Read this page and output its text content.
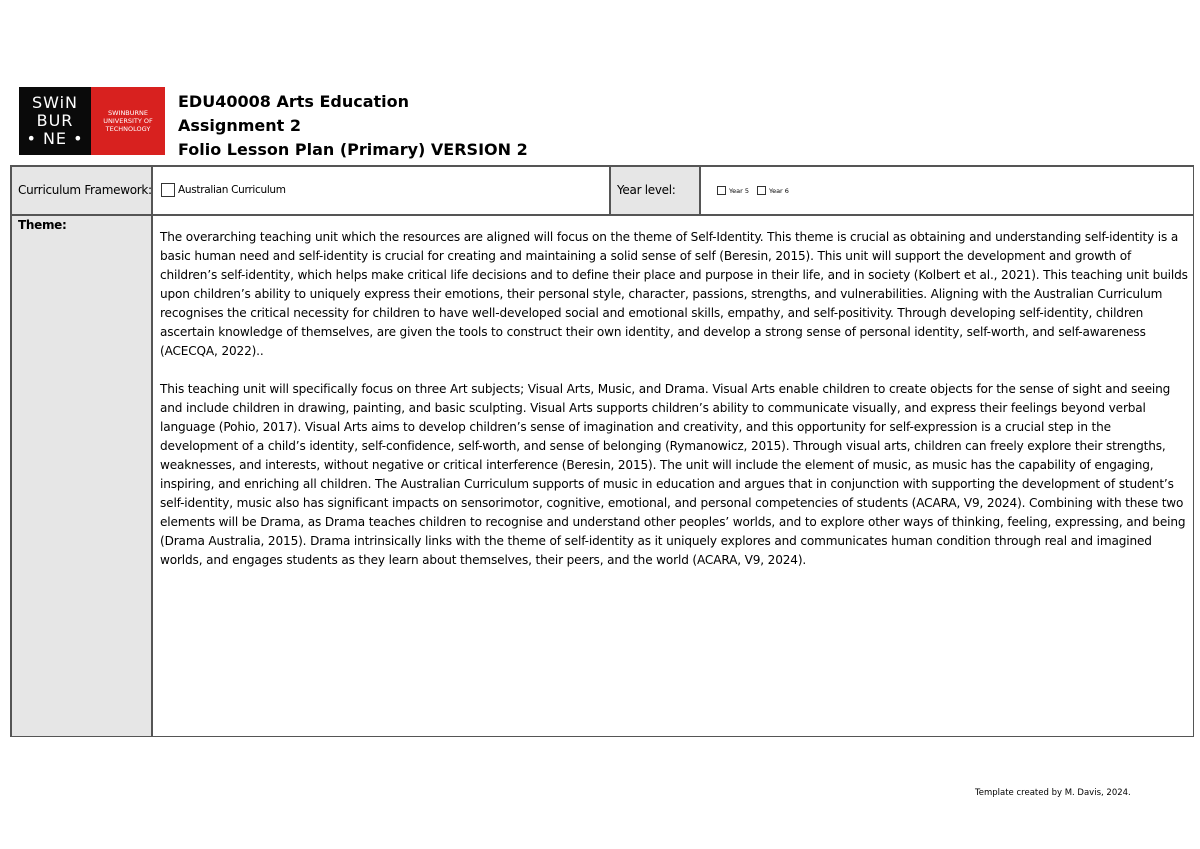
SWiN
BUR
• NE •
SWINBURNE
UNIVERSITY OF
TECHNOLOGY
EDU40008 Arts Education
Assignment 2
Folio Lesson Plan (Primary) VERSION 2
Curriculum Framework: Australian Curriculum	Year level:	Year 5	Year 6
Theme:

The overarching teaching unit which the resources are aligned will focus on the theme of Self-Identity. This theme is crucial as obtaining and understanding self-identity is a basic human need and self-identity is crucial for creating and maintaining a solid sense of self (Beresin, 2015). This unit will support the development and growth of children’s self-identity, which helps make critical life decisions and to define their place and purpose in their life, and in society (Kolbert et al., 2021). This teaching unit builds upon children’s ability to uniquely express their emotions, their personal style, character, passions, strengths, and vulnerabilities. Aligning with the Australian Curriculum recognises the critical necessity for children to have well-developed social and emotional skills, empathy, and self-positivity. Through developing self-identity, children ascertain knowledge of themselves, are given the tools to construct their own identity, and develop a strong sense of personal identity, self-worth, and self-awareness (ACECQA, 2022)..

This teaching unit will specifically focus on three Art subjects; Visual Arts, Music, and Drama. Visual Arts enable children to create objects for the sense of sight and seeing and include children in drawing, painting, and basic sculpting. Visual Arts supports children’s ability to communicate visually, and express their feelings beyond verbal language (Pohio, 2017). Visual Arts aims to develop children’s sense of imagination and creativity, and this opportunity for self-expression is a crucial step in the development of a child’s identity, self-confidence, self-worth, and sense of belonging (Rymanowicz, 2015). Through visual arts, children can freely explore their strengths, weaknesses, and interests, without negative or critical interference (Beresin, 2015). The unit will include the element of music, as music has the capability of engaging, inspiring, and enriching all children. The Australian Curriculum supports of music in education and argues that in conjunction with supporting the development of student’s self-identity, music also has significant impacts on sensorimotor, cognitive, emotional, and personal competencies of students (ACARA, V9, 2024). Combining with these two elements will be Drama, as Drama teaches children to recognise and understand other peoples’ worlds, and to explore other ways of thinking, feeling, expressing, and being (Drama Australia, 2015). Drama intrinsically links with the theme of self-identity as it uniquely explores and communicates human condition through real and imagined worlds, and engages students as they learn about themselves, their peers, and the world (ACARA, V9, 2024).

Template created by M. Davis, 2024.
